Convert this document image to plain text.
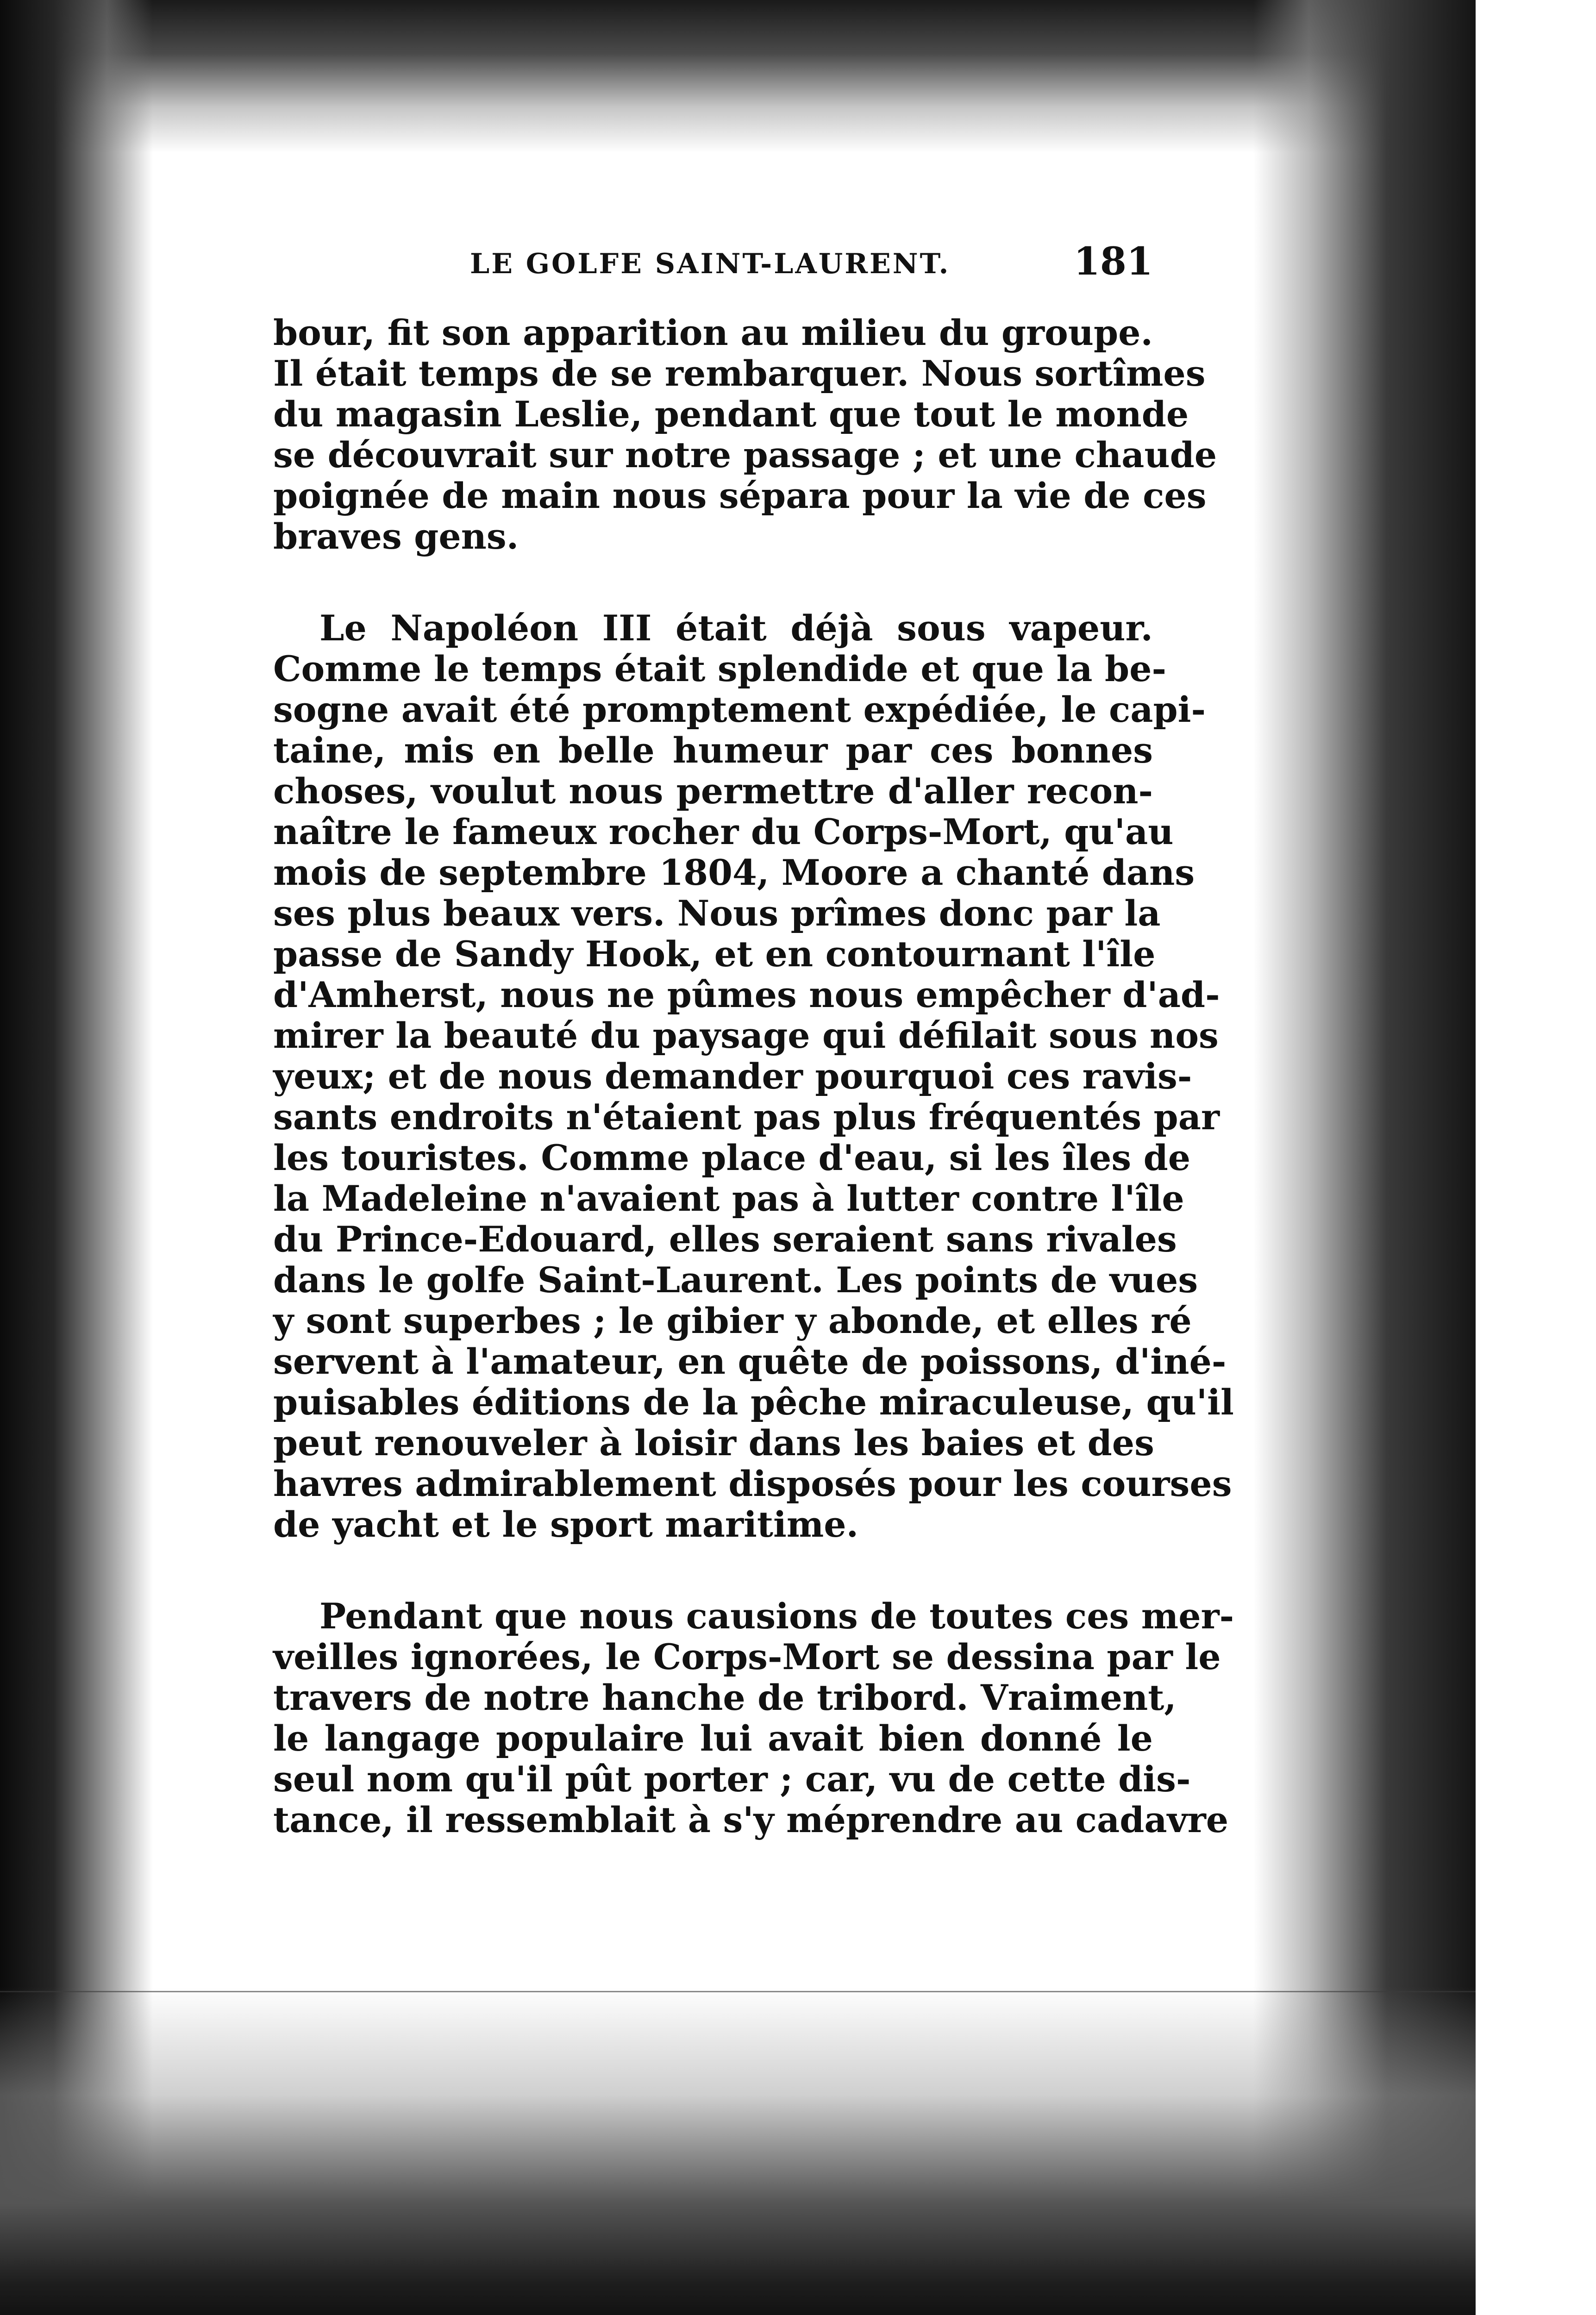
LE GOLFE SAINT-LAURENT.	181

bour, fit son apparition au milieu du groupe.
Il était temps de se rembarquer. Nous sortîmes
du magasin Leslie, pendant que tout le monde
se découvrait sur notre passage ; et une chaude
poignée de main nous sépara pour la vie de ces
braves gens.

Le Napoléon III était déjà sous vapeur.
Comme le temps était splendide et que la be-
sogne avait été promptement expédiée, le capi-
taine, mis en belle humeur par ces bonnes
choses, voulut nous permettre d'aller recon-
naître le fameux rocher du Corps-Mort, qu'au
mois de septembre 1804, Moore a chanté dans
ses plus beaux vers. Nous prîmes donc par la
passe de Sandy Hook, et en contournant l'île
d'Amherst, nous ne pûmes nous empêcher d'ad-
mirer la beauté du paysage qui défilait sous nos
yeux; et de nous demander pourquoi ces ravis-
sants endroits n'étaient pas plus fréquentés par
les touristes. Comme place d'eau, si les îles de
la Madeleine n'avaient pas à lutter contre l'île
du Prince-Edouard, elles seraient sans rivales
dans le golfe Saint-Laurent. Les points de vues
y sont superbes ; le gibier y abonde, et elles ré
servent à l'amateur, en quête de poissons, d'iné-
puisables éditions de la pêche miraculeuse, qu'il
peut renouveler à loisir dans les baies et des
havres admirablement disposés pour les courses
de yacht et le sport maritime.

Pendant que nous causions de toutes ces mer-
veilles ignorées, le Corps-Mort se dessina par le
travers de notre hanche de tribord. Vraiment,
le langage populaire lui avait bien donné le
seul nom qu'il pût porter ; car, vu de cette dis-
tance, il ressemblait à s'y méprendre au cadavre
